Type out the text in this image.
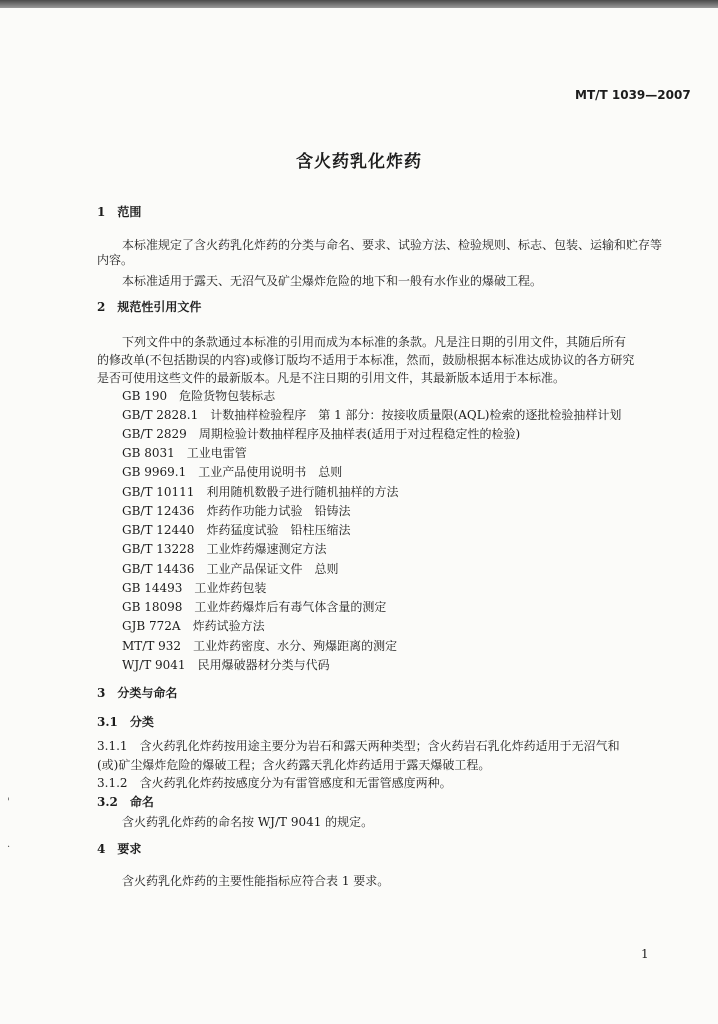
MT/T 1039—2007
含火药乳化炸药
1　范围
本标准规定了含火药乳化炸药的分类与命名、要求、试验方法、检验规则、标志、包装、运输和贮存等
内容。
本标准适用于露天、无沼气及矿尘爆炸危险的地下和一般有水作业的爆破工程。
2　规范性引用文件
下列文件中的条款通过本标准的引用而成为本标准的条款。凡是注日期的引用文件，其随后所有
的修改单(不包括勘误的内容)或修订版均不适用于本标准，然而，鼓励根据本标准达成协议的各方研究
是否可使用这些文件的最新版本。凡是不注日期的引用文件，其最新版本适用于本标准。
GB 190　 危险货物包装标志
GB/T 2828.1　 计数抽样检验程序　第 1 部分：按接收质量限(AQL)检索的逐批检验抽样计划
GB/T 2829　 周期检验计数抽样程序及抽样表(适用于对过程稳定性的检验)
GB 8031　 工业电雷管
GB 9969.1　 工业产品使用说明书　总则
GB/T 10111　 利用随机数骰子进行随机抽样的方法
GB/T 12436　 炸药作功能力试验　铅铸法
GB/T 12440　 炸药猛度试验　铅柱压缩法
GB/T 13228　 工业炸药爆速测定方法
GB/T 14436　 工业产品保证文件　总则
GB 14493　 工业炸药包装
GB 18098　 工业炸药爆炸后有毒气体含量的测定
GJB 772A　 炸药试验方法
MT/T 932　 工业炸药密度、水分、殉爆距离的测定
WJ/T 9041　 民用爆破器材分类与代码
3　分类与命名
3.1　分类
3.1.1　 含火药乳化炸药按用途主要分为岩石和露天两种类型；含火药岩石乳化炸药适用于无沼气和
(或)矿尘爆炸危险的爆破工程；含火药露天乳化炸药适用于露天爆破工程。
3.1.2　 含火药乳化炸药按感度分为有雷管感度和无雷管感度两种。
3.2　命名
含火药乳化炸药的命名按 WJ/T 9041 的规定。
4　要求
含火药乳化炸药的主要性能指标应符合表 1 要求。
'
·
1
